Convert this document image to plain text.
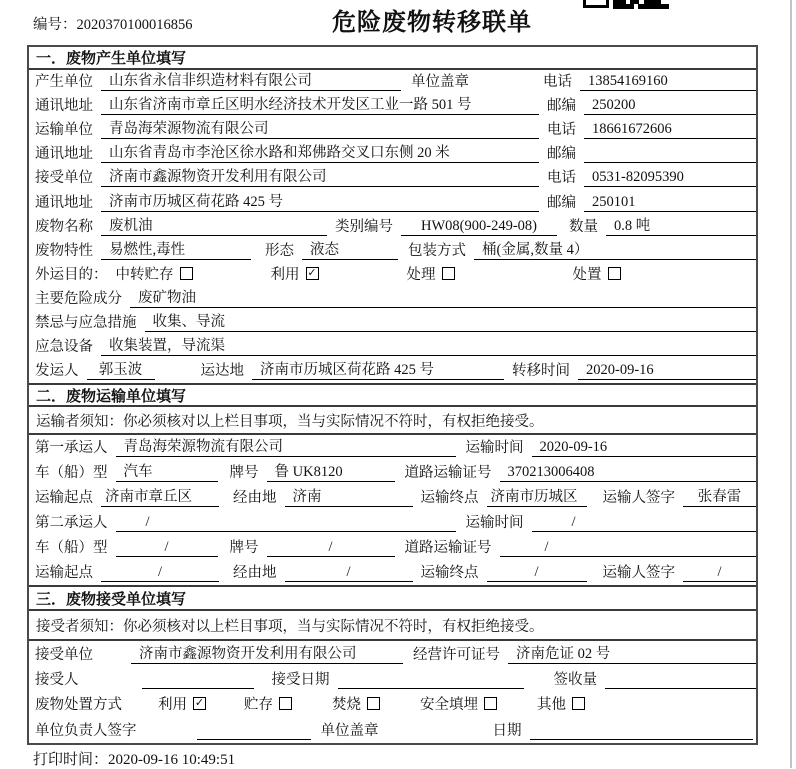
编号：2020370100016856	危险废物转移联单
一．废物产生单位填写
产生单位	山东省永信非织造材料有限公司	单位盖章	电话	13854169160
通讯地址	山东省济南市章丘区明水经济技术开发区工业一路 501 号	邮编	250200
运输单位	青岛海荣源物流有限公司	电话	18661672606
通讯地址	山东省青岛市李沧区徐水路和郑佛路交叉口东侧 20 米	邮编
接受单位	济南市鑫源物资开发利用有限公司	电话	0531-82095390
通讯地址	济南市历城区荷花路 425 号	邮编	250101
废物名称	废机油	类别编号	HW08(900-249-08)	数量	0.8 吨
废物特性	易燃性,毒性	形态	液态	包装方式	桶(金属,数量 4）
外运目的： 中转贮存	利用 ✓	处理	处置
主要危险成分	废矿物油
禁忌与应急措施	收集、导流
应急设备	收集装置，导流渠
发运人	郭玉波	运达地	济南市历城区荷花路 425 号	转移时间	2020-09-16
二．废物运输单位填写
运输者须知：你必须核对以上栏目事项，当与实际情况不符时，有权拒绝接受。
第一承运人	青岛海荣源物流有限公司	运输时间	2020-09-16
车（船）型	汽车	牌号	鲁 UK8120	道路运输证号	370213006408
运输起点 济南市章丘区	经由地	济南	运输终点 济南市历城区	运输人签字	张春雷
第二承运人	/	运输时间	/
车（船）型	/	牌号	/	道路运输证号	/
运输起点	/	经由地	/	运输终点	/	运输人签字	/
三．废物接受单位填写
接受者须知：你必须核对以上栏目事项，当与实际情况不符时，有权拒绝接受。
接受单位	济南市鑫源物资开发利用有限公司	经营许可证号	济南危证 02 号
接受人	接受日期	签收量
废物处置方式 利用 ✓	贮存	焚烧	安全填埋	其他
单位负责人签字	单位盖章	日期
打印时间：2020-09-16 10:49:51
